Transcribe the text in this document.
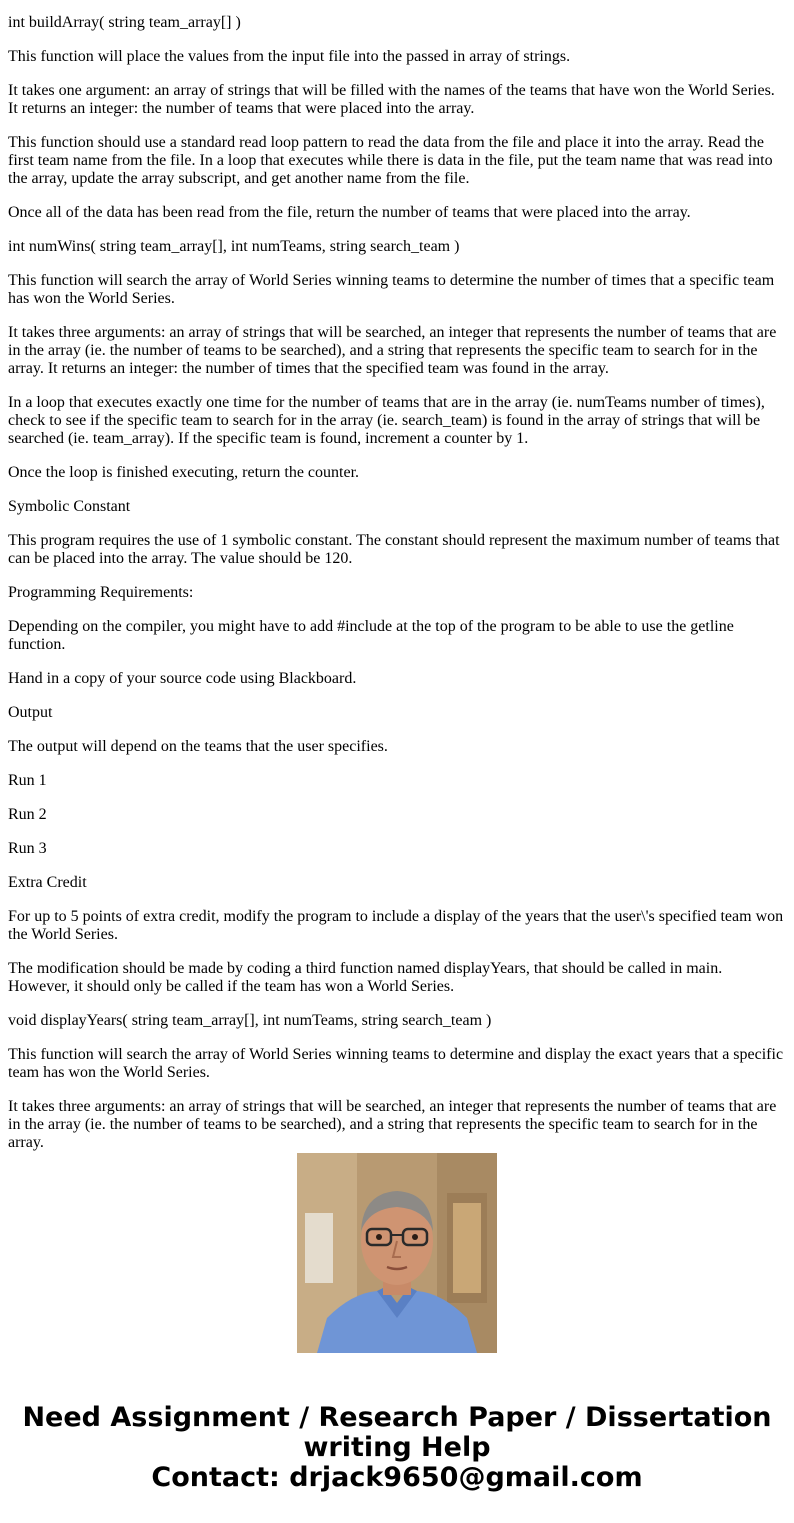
int buildArray( string team_array[] )

This function will place the values from the input file into the passed in array of strings.

It takes one argument: an array of strings that will be filled with the names of the teams that have won the World Series. It returns an integer: the number of teams that were placed into the array.

This function should use a standard read loop pattern to read the data from the file and place it into the array. Read the first team name from the file. In a loop that executes while there is data in the file, put the team name that was read into the array, update the array subscript, and get another name from the file.

Once all of the data has been read from the file, return the number of teams that were placed into the array.

int numWins( string team_array[], int numTeams, string search_team )

This function will search the array of World Series winning teams to determine the number of times that a specific team has won the World Series.

It takes three arguments: an array of strings that will be searched, an integer that represents the number of teams that are in the array (ie. the number of teams to be searched), and a string that represents the specific team to search for in the array. It returns an integer: the number of times that the specified team was found in the array.

In a loop that executes exactly one time for the number of teams that are in the array (ie. numTeams number of times), check to see if the specific team to search for in the array (ie. search_team) is found in the array of strings that will be searched (ie. team_array). If the specific team is found, increment a counter by 1.

Once the loop is finished executing, return the counter.

Symbolic Constant

This program requires the use of 1 symbolic constant. The constant should represent the maximum number of teams that can be placed into the array. The value should be 120.

Programming Requirements:

Depending on the compiler, you might have to add #include at the top of the program to be able to use the getline function.

Hand in a copy of your source code using Blackboard.

Output

The output will depend on the teams that the user specifies.

Run 1

Run 2

Run 3

Extra Credit

For up to 5 points of extra credit, modify the program to include a display of the years that the user\'s specified team won the World Series.

The modification should be made by coding a third function named displayYears, that should be called in main. However, it should only be called if the team has won a World Series.

void displayYears( string team_array[], int numTeams, string search_team )

This function will search the array of World Series winning teams to determine and display the exact years that a specific team has won the World Series.

It takes three arguments: an array of strings that will be searched, an integer that represents the number of teams that are in the array (ie. the number of teams to be searched), and a string that represents the specific team to search for in the array.

Need Assignment / Research Paper / Dissertation
writing Help
Contact: drjack9650@gmail.com
